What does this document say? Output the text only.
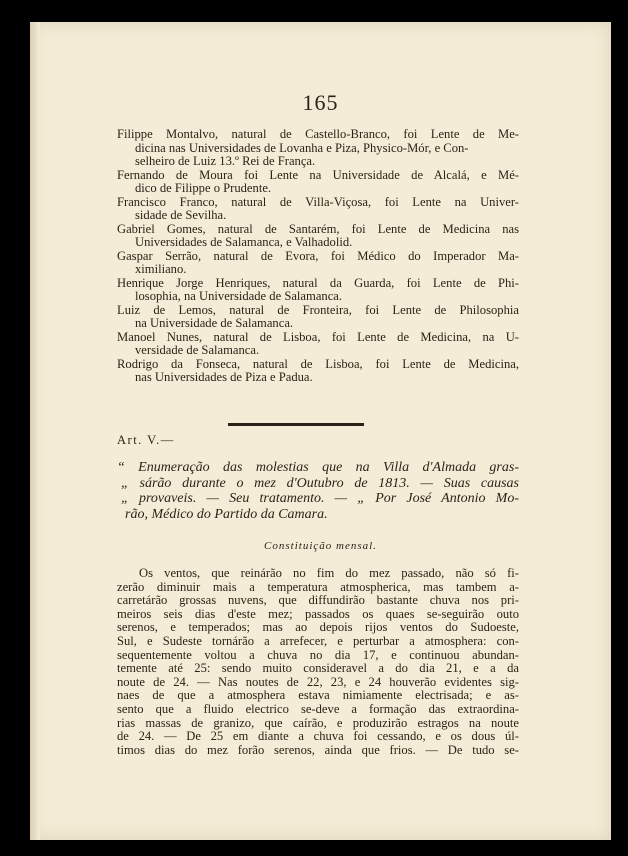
165
Filippe Montalvo, natural de Castello-Branco, foi Lente de Me-
dicina nas Universidades de Lovanha e Piza, Physico-Mór, e Con-
selheiro de Luiz 13.º Rei de França.
Fernando de Moura foi Lente na Universidade de Alcalá, e Mé-
dico de Filippe o Prudente.
Francisco Franco, natural de Villa-Viçosa, foi Lente na Univer-
sidade de Sevilha.
Gabriel Gomes, natural de Santarém, foi Lente de Medicina nas
Universidades de Salamanca, e Valhadolid.
Gaspar Serrão, natural de Evora, foi Médico do Imperador Ma-
ximiliano.
Henrique Jorge Henriques, natural da Guarda, foi Lente de Phi-
losophia, na Universidade de Salamanca.
Luiz de Lemos, natural de Fronteira, foi Lente de Philosophia
na Universidade de Salamanca.
Manoel Nunes, natural de Lisboa, foi Lente de Medicina, na U-
versidade de Salamanca.
Rodrigo da Fonseca, natural de Lisboa, foi Lente de Medicina,
nas Universidades de Piza e Padua.
Art. V.—
“ Enumeração das molestias que na Villa d'Almada gras-
„ sárão durante o mez d'Outubro de 1813. — Suas causas
„ provaveis. — Seu tratamento. — „ Por José Antonio Mo-
rão, Médico do Partido da Camara.
Constituição mensal.
Os ventos, que reinárão no fim do mez passado, não só fi-
zerão diminuir mais a temperatura atmospherica, mas tambem a-
carretárão grossas nuvens, que diffundirão bastante chuva nos pri-
meiros seis dias d'este mez; passados os quaes se-seguirão outo
serenos, e temperados; mas ao depois rijos ventos do Sudoeste,
Sul, e Sudeste tornárão a arrefecer, e perturbar a atmosphera: con-
sequentemente voltou a chuva no dia 17, e continuou abundan-
temente até 25: sendo muito consideravel a do dia 21, e a da
noute de 24. — Nas noutes de 22, 23, e 24 houverão evidentes sig-
naes de que a atmosphera estava nimiamente electrisada; e as-
sento que a fluido electrico se-deve a formação das extraordina-
rias massas de granizo, que caírão, e produzirão estragos na noute
de 24. — De 25 em diante a chuva foi cessando, e os dous úl-
timos dias do mez forão serenos, ainda que frios. — De tudo se-
